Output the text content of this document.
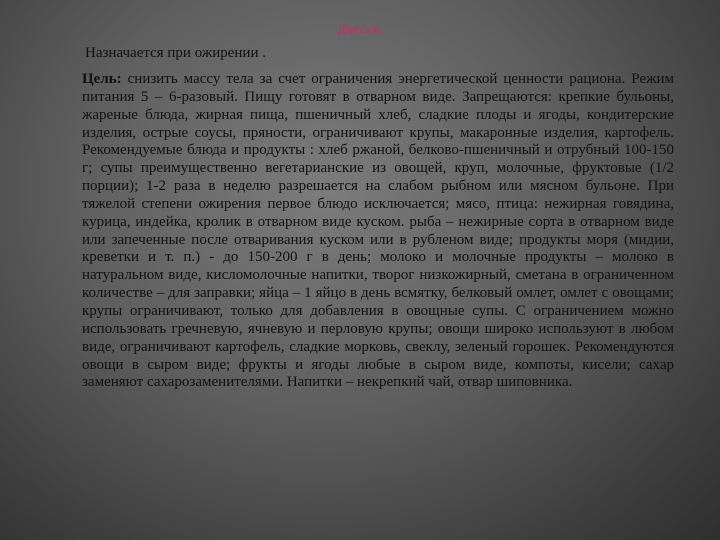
Диета 8.
Назначается при ожирении .
Цель: снизить массу тела за счет ограничения энергетической ценности рациона. Режим питания 5 – 6-разовый. Пищу готовят в отварном виде. Запрещаются: крепкие бульоны, жареные блюда, жирная пища, пшеничный хлеб, сладкие плоды и ягоды, кондитерские изделия, острые соусы, пряности, ограничивают крупы, макаронные изделия, картофель. Рекомендуемые блюда и продукты : хлеб ржаной, белково-пшеничный и отрубный 100-150 г; супы преимущественно вегетарианские из овощей, круп, молочные, фруктовые (1/2 порции); 1-2 раза в неделю разрешается на слабом рыбном или мясном бульоне. При тяжелой степени ожирения первое блюдо исключается; мясо, птица: нежирная говядина, курица, индейка, кролик в отварном виде куском. рыба – нежирные сорта в отварном виде или запеченные после отваривания куском или в рубленом виде; продукты моря (мидии, креветки и т. п.) - до 150-200 г в день; молоко и молочные продукты – молоко в натуральном виде, кисломолочные напитки, творог низкожирный, сметана в ограниченном количестве – для заправки; яйца – 1 яйцо в день всмятку, белковый омлет, омлет с овощами; крупы ограничивают, только для добавления в овощные супы. С ограничением можно использовать гречневую, ячневую и перловую крупы; овощи широко используют в любом виде, ограничивают картофель, сладкие морковь, свеклу, зеленый горошек. Рекомендуются овощи в сыром виде; фрукты и ягоды любые в сыром виде, компоты, кисели; сахар заменяют сахарозаменителями. Напитки – некрепкий чай, отвар шиповника.
